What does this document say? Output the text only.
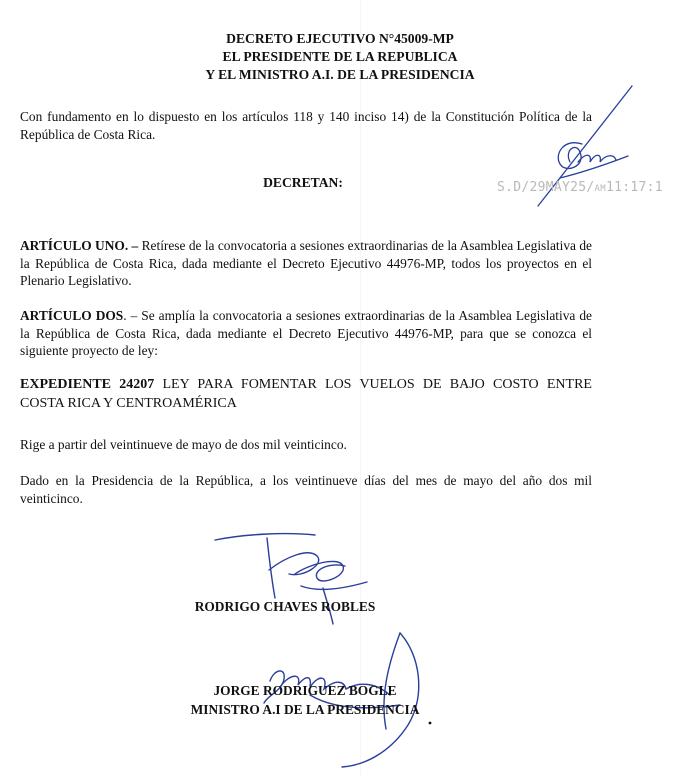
DECRETO EJECUTIVO N°45009-MP
EL PRESIDENTE DE LA REPUBLICA
Y EL MINISTRO A.I. DE LA PRESIDENCIA

Con fundamento en lo dispuesto en los artículos 118 y 140 inciso 14) de la Constitución Política de la República de Costa Rica.

DECRETAN:	S.D/29MAY25/AM11:17:1

ARTÍCULO UNO. – Retírese de la convocatoria a sesiones extraordinarias de la Asamblea Legislativa de la República de Costa Rica, dada mediante el Decreto Ejecutivo 44976-MP, todos los proyectos en el Plenario Legislativo.

ARTÍCULO DOS. – Se amplía la convocatoria a sesiones extraordinarias de la Asamblea Legislativa de la República de Costa Rica, dada mediante el Decreto Ejecutivo 44976-MP, para que se conozca el siguiente proyecto de ley:

EXPEDIENTE 24207 LEY PARA FOMENTAR LOS VUELOS DE BAJO COSTO ENTRE COSTA RICA Y CENTROAMÉRICA

Rige a partir del veintinueve de mayo de dos mil veinticinco.

Dado en la Presidencia de la República, a los veintinueve días del mes de mayo del año dos mil veinticinco.

RODRIGO CHAVES ROBLES
JORGE RODRIGUEZ BOGLE
MINISTRO A.I DE LA PRESIDENCIA
